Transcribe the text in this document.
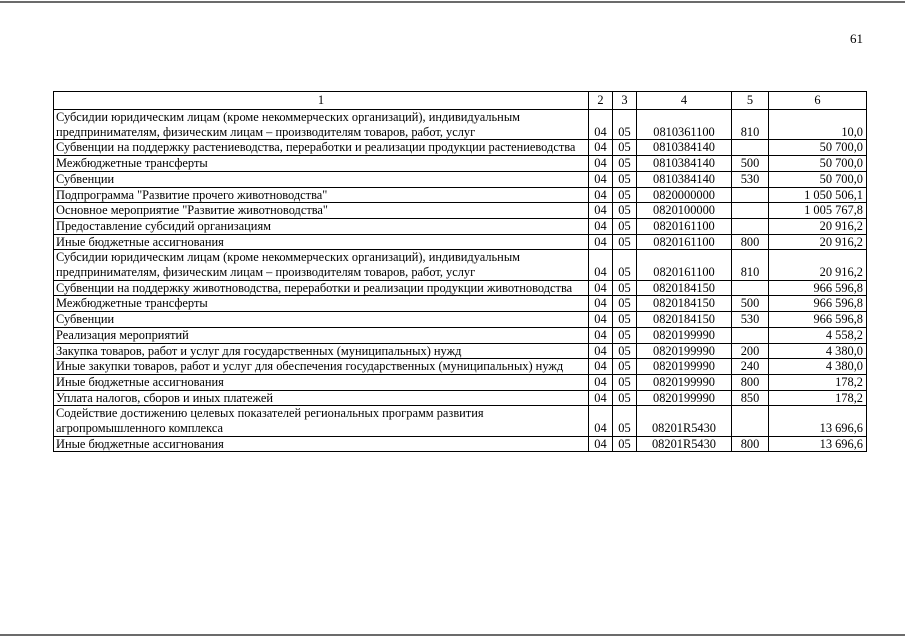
61
1	2	3	4	5	6
Субсидии юридическим лицам (кроме некоммерческих организаций), индивидуальным предпринимателям, физическим лицам – производителям товаров, работ, услуг	04	05	0810361100	810	10,0
Субвенции на поддержку растениеводства, переработки и реализации продукции растениеводства	04	05	0810384140		50 700,0
Межбюджетные трансферты	04	05	0810384140	500	50 700,0
Субвенции	04	05	0810384140	530	50 700,0
Подпрограмма "Развитие прочего животноводства"	04	05	0820000000		1 050 506,1
Основное мероприятие "Развитие животноводства"	04	05	0820100000		1 005 767,8
Предоставление субсидий организациям	04	05	0820161100		20 916,2
Иные бюджетные ассигнования	04	05	0820161100	800	20 916,2
Субсидии юридическим лицам (кроме некоммерческих организаций), индивидуальным предпринимателям, физическим лицам – производителям товаров, работ, услуг	04	05	0820161100	810	20 916,2
Субвенции на поддержку животноводства, переработки и реализации продукции животноводства	04	05	0820184150		966 596,8
Межбюджетные трансферты	04	05	0820184150	500	966 596,8
Субвенции	04	05	0820184150	530	966 596,8
Реализация мероприятий	04	05	0820199990		4 558,2
Закупка товаров, работ и услуг для государственных (муниципальных) нужд	04	05	0820199990	200	4 380,0
Иные закупки товаров, работ и услуг для обеспечения государственных (муниципальных) нужд	04	05	0820199990	240	4 380,0
Иные бюджетные ассигнования	04	05	0820199990	800	178,2
Уплата налогов, сборов и иных платежей	04	05	0820199990	850	178,2
Содействие достижению целевых показателей региональных программ развития агропромышленного комплекса	04	05	08201R5430		13 696,6
Иные бюджетные ассигнования	04	05	08201R5430	800	13 696,6
